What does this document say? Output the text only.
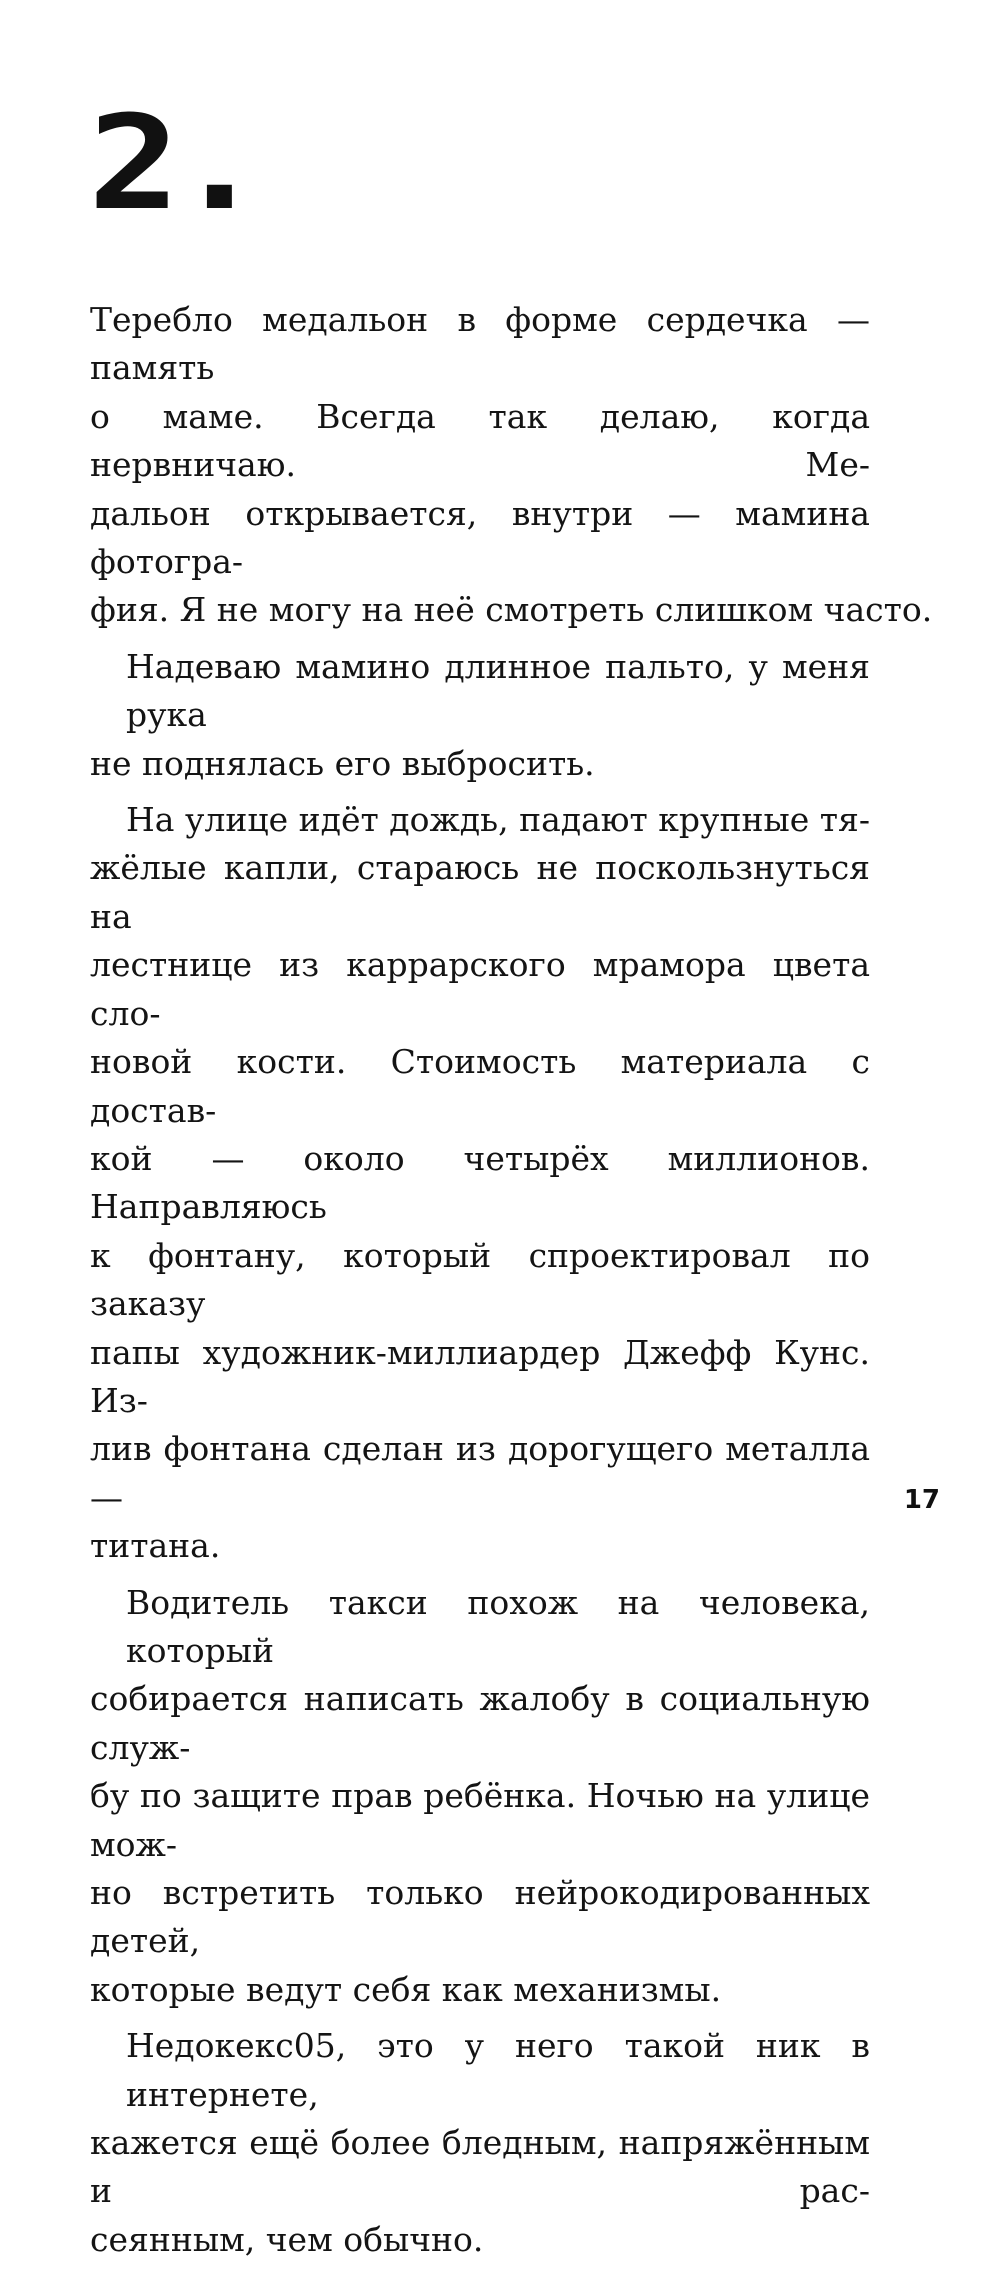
2.

Теребло медальон в форме сердечка — память
о маме. Всегда так делаю, когда нервничаю. Ме-
дальон открывается, внутри — мамина фотогра-
фия. Я не могу на неё смотреть слишком часто.

Надеваю мамино длинное пальто, у меня рука
не поднялась его выбросить.

На улице идёт дождь, падают крупные тя-
жёлые капли, стараюсь не поскользнуться на
лестнице из каррарского мрамора цвета сло-
новой кости. Стоимость материала с достав-
кой — около четырёх миллионов. Направляюсь
к фонтану, который спроектировал по заказу
папы художник-миллиардер Джефф Кунс. Из-
лив фонтана сделан из дорогущего металла —
титана.

Водитель такси похож на человека, который
собирается написать жалобу в социальную служ-
бу по защите прав ребёнка. Ночью на улице мож-
но встретить только нейрокодированных детей,
которые ведут себя как механизмы.

Недокекс05, это у него такой ник в интернете,
кажется ещё более бледным, напряжённым и рас-
сеянным, чем обычно.

17
